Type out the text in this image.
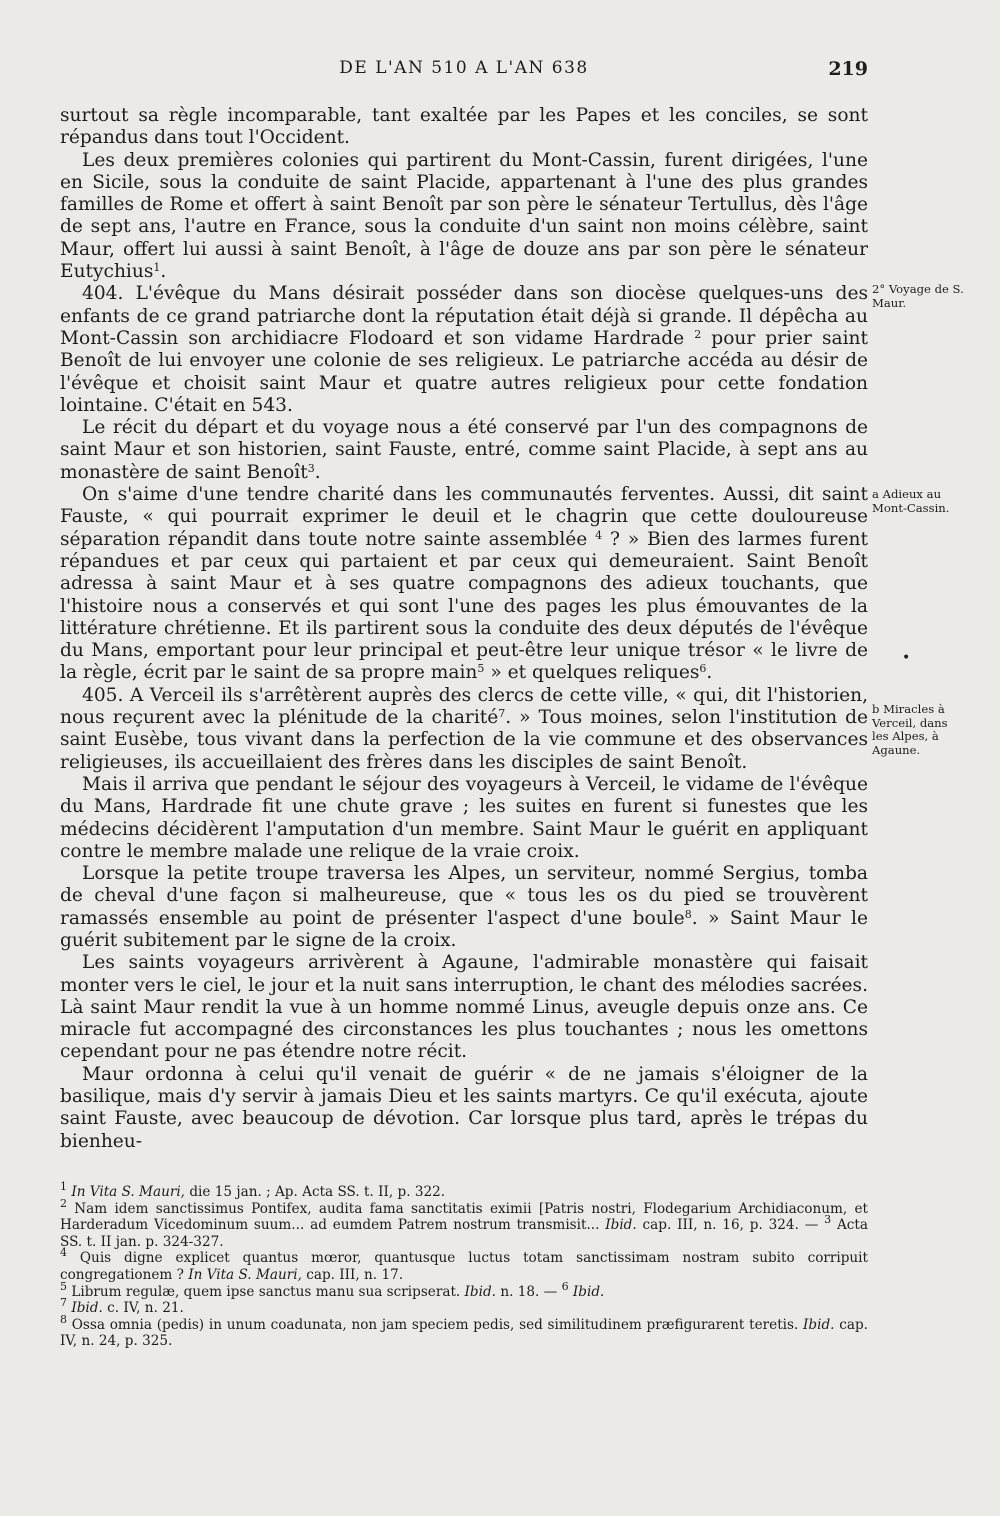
DE L'AN 510 A L'AN 638	219

surtout sa règle incomparable, tant exaltée par les Papes et les conciles, se sont répandus dans tout l'Occident.

Les deux premières colonies qui partirent du Mont-Cassin, furent dirigées, l'une en Sicile, sous la conduite de saint Placide, appartenant à l'une des plus grandes familles de Rome et offert à saint Benoît par son père le sénateur Tertullus, dès l'âge de sept ans, l'autre en France, sous la conduite d'un saint non moins célèbre, saint Maur, offert lui aussi à saint Benoît, à l'âge de douze ans par son père le sénateur Eutychius$^1$.

404. L'évêque du Mans désirait posséder dans son diocèse quelques-uns des enfants de ce grand patriarche dont la réputation était déjà si grande. Il dépêcha au Mont-Cassin son archidiacre Flodoard et son vidame Hardrade $^2$ pour prier saint Benoît de lui envoyer une colonie de ses religieux. Le patriarche accéda au désir de l'évêque et choisit saint Maur et quatre autres religieux pour cette fondation lointaine. C'était en 543.

Le récit du départ et du voyage nous a été conservé par l'un des compagnons de saint Maur et son historien, saint Fauste, entré, comme saint Placide, à sept ans au monastère de saint Benoît$^3$.

On s'aime d'une tendre charité dans les communautés ferventes. Aussi, dit saint Fauste, « qui pourrait exprimer le deuil et le chagrin que cette douloureuse séparation répandit dans toute notre sainte assemblée $^4$ ? » Bien des larmes furent répandues et par ceux qui partaient et par ceux qui demeuraient. Saint Benoît adressa à saint Maur et à ses quatre compagnons des adieux touchants, que l'histoire nous a conservés et qui sont l'une des pages les plus émouvantes de la littérature chrétienne. Et ils partirent sous la conduite des deux députés de l'évêque du Mans, emportant pour leur principal et peut-être leur unique trésor « le livre de la règle, écrit par le saint de sa propre main$^5$ » et quelques reliques$^6$.

405. A Verceil ils s'arrêtèrent auprès des clercs de cette ville, « qui, dit l'historien, nous reçurent avec la plénitude de la charité$^7$. » Tous moines, selon l'institution de saint Eusèbe, tous vivant dans la perfection de la vie commune et des observances religieuses, ils accueillaient des frères dans les disciples de saint Benoît.

Mais il arriva que pendant le séjour des voyageurs à Verceil, le vidame de l'évêque du Mans, Hardrade fit une chute grave ; les suites en furent si funestes que les médecins décidèrent l'amputation d'un membre. Saint Maur le guérit en appliquant contre le membre malade une relique de la vraie croix.

Lorsque la petite troupe traversa les Alpes, un serviteur, nommé Sergius, tomba de cheval d'une façon si malheureuse, que « tous les os du pied se trouvèrent ramassés ensemble au point de présenter l'aspect d'une boule$^8$. » Saint Maur le guérit subitement par le signe de la croix.

Les saints voyageurs arrivèrent à Agaune, l'admirable monastère qui faisait monter vers le ciel, le jour et la nuit sans interruption, le chant des mélodies sacrées. Là saint Maur rendit la vue à un homme nommé Linus, aveugle depuis onze ans. Ce miracle fut accompagné des circonstances les plus touchantes ; nous les omettons cependant pour ne pas étendre notre récit.

Maur ordonna à celui qu'il venait de guérir « de ne jamais s'éloigner de la basilique, mais d'y servir à jamais Dieu et les saints martyrs. Ce qu'il exécuta, ajoute saint Fauste, avec beaucoup de dévotion. Car lorsque plus tard, après le trépas du bienheu-

2° Voyage de S. Maur.
a Adieux au Mont-Cassin.
•
b Miracles à Verceil, dans les Alpes, à Agaune.

$^1$ In Vita S. Mauri, die 15 jan. ; Ap. Acta SS. t. II, p. 322.

$^2$ Nam idem sanctissimus Pontifex, audita fama sanctitatis eximii [Patris nostri, Flodegarium Archidiaconum, et Harderadum Vicedominum suum... ad eumdem Patrem nostrum transmisit... Ibid. cap. III, n. 16, p. 324. — $^3$ Acta SS. t. II jan. p. 324-327.

$^4$ Quis digne explicet quantus mœror, quantusque luctus totam sanctissimam nostram subito corripuit congregationem ? In Vita S. Mauri, cap. III, n. 17.

$^5$ Librum regulæ, quem ipse sanctus manu sua scripserat. Ibid. n. 18. — $^6$ Ibid.

$^7$ Ibid. c. IV, n. 21.

$^8$ Ossa omnia (pedis) in unum coadunata, non jam speciem pedis, sed similitudinem præfigurarent teretis. Ibid. cap. IV, n. 24, p. 325.
